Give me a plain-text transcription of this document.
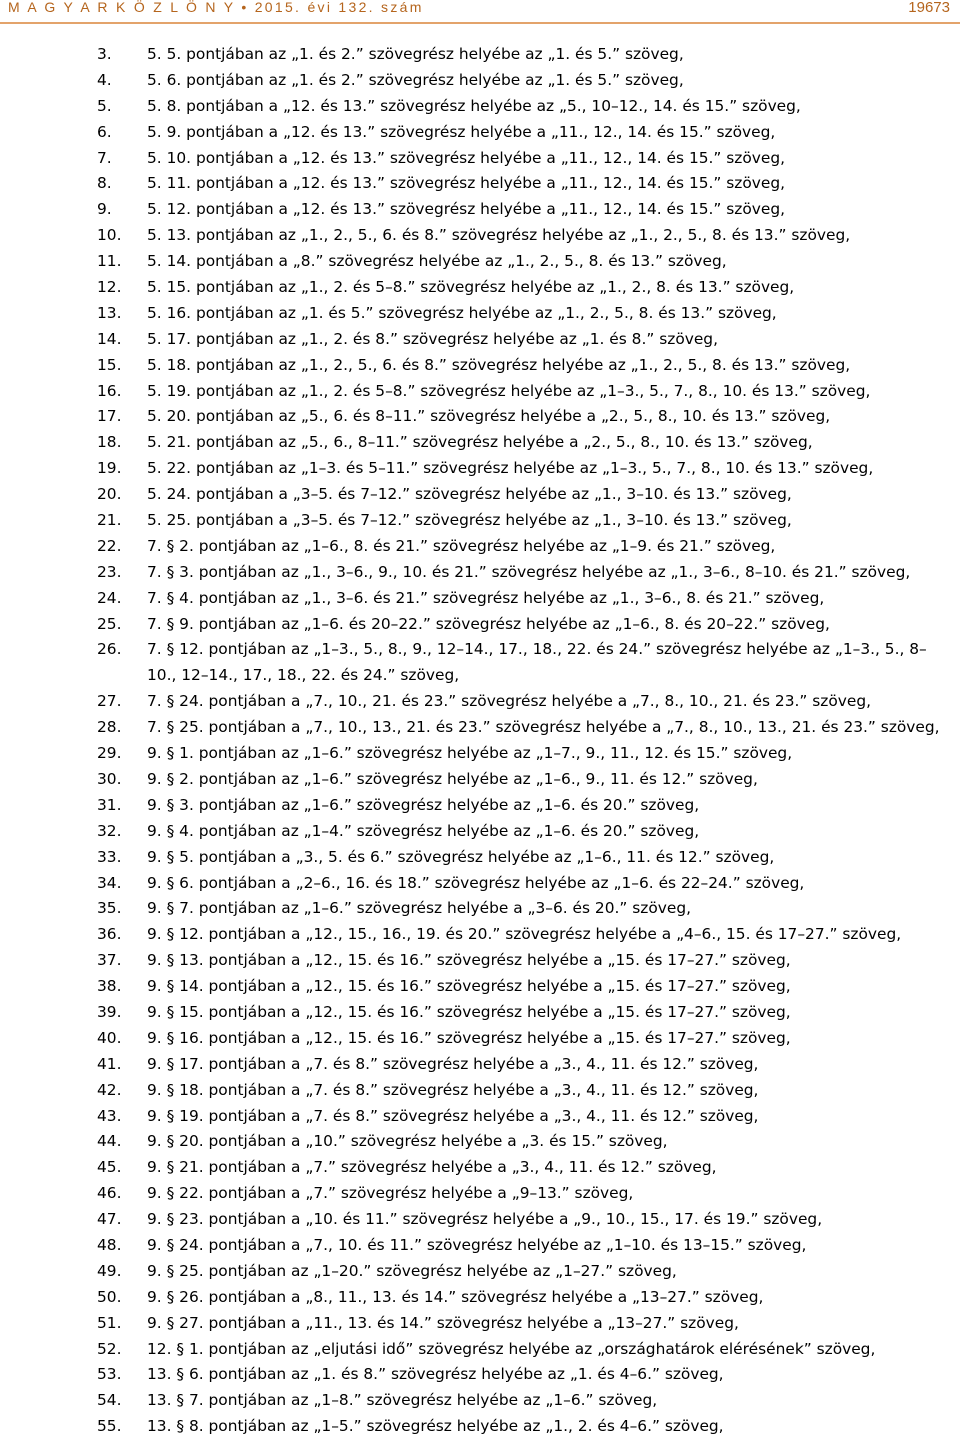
M A G Y A R K Ö Z L Ö N Y • 2015. évi 132. szám	19673
3.	5. 5. pontjában az „1. és 2.” szövegrész helyébe az „1. és 5.” szöveg,
4.	5. 6. pontjában az „1. és 2.” szövegrész helyébe az „1. és 5.” szöveg,
5.	5. 8. pontjában a „12. és 13.” szövegrész helyébe az „5., 10–12., 14. és 15.” szöveg,
6.	5. 9. pontjában a „12. és 13.” szövegrész helyébe a „11., 12., 14. és 15.” szöveg,
7.	5. 10. pontjában a „12. és 13.” szövegrész helyébe a „11., 12., 14. és 15.” szöveg,
8.	5. 11. pontjában a „12. és 13.” szövegrész helyébe a „11., 12., 14. és 15.” szöveg,
9.	5. 12. pontjában a „12. és 13.” szövegrész helyébe a „11., 12., 14. és 15.” szöveg,
10.	5. 13. pontjában az „1., 2., 5., 6. és 8.” szövegrész helyébe az „1., 2., 5., 8. és 13.” szöveg,
11.	5. 14. pontjában a „8.” szövegrész helyébe az „1., 2., 5., 8. és 13.” szöveg,
12.	5. 15. pontjában az „1., 2. és 5–8.” szövegrész helyébe az „1., 2., 8. és 13.” szöveg,
13.	5. 16. pontjában az „1. és 5.” szövegrész helyébe az „1., 2., 5., 8. és 13.” szöveg,
14.	5. 17. pontjában az „1., 2. és 8.” szövegrész helyébe az „1. és 8.” szöveg,
15.	5. 18. pontjában az „1., 2., 5., 6. és 8.” szövegrész helyébe az „1., 2., 5., 8. és 13.” szöveg,
16.	5. 19. pontjában az „1., 2. és 5–8.” szövegrész helyébe az „1–3., 5., 7., 8., 10. és 13.” szöveg,
17.	5. 20. pontjában az „5., 6. és 8–11.” szövegrész helyébe a „2., 5., 8., 10. és 13.” szöveg,
18.	5. 21. pontjában az „5., 6., 8–11.” szövegrész helyébe a „2., 5., 8., 10. és 13.” szöveg,
19.	5. 22. pontjában az „1–3. és 5–11.” szövegrész helyébe az „1–3., 5., 7., 8., 10. és 13.” szöveg,
20.	5. 24. pontjában a „3–5. és 7–12.” szövegrész helyébe az „1., 3–10. és 13.” szöveg,
21.	5. 25. pontjában a „3–5. és 7–12.” szövegrész helyébe az „1., 3–10. és 13.” szöveg,
22.	7. § 2. pontjában az „1–6., 8. és 21.” szövegrész helyébe az „1–9. és 21.” szöveg,
23.	7. § 3. pontjában az „1., 3–6., 9., 10. és 21.” szövegrész helyébe az „1., 3–6., 8–10. és 21.” szöveg,
24.	7. § 4. pontjában az „1., 3–6. és 21.” szövegrész helyébe az „1., 3–6., 8. és 21.” szöveg,
25.	7. § 9. pontjában az „1–6. és 20–22.” szövegrész helyébe az „1–6., 8. és 20–22.” szöveg,
26.	7. § 12. pontjában az „1–3., 5., 8., 9., 12–14., 17., 18., 22. és 24.” szövegrész helyébe az „1–3., 5., 8–10., 12–14., 17., 18., 22. és 24.” szöveg,
27.	7. § 24. pontjában a „7., 10., 21. és 23.” szövegrész helyébe a „7., 8., 10., 21. és 23.” szöveg,
28.	7. § 25. pontjában a „7., 10., 13., 21. és 23.” szövegrész helyébe a „7., 8., 10., 13., 21. és 23.” szöveg,
29.	9. § 1. pontjában az „1–6.” szövegrész helyébe az „1–7., 9., 11., 12. és 15.” szöveg,
30.	9. § 2. pontjában az „1–6.” szövegrész helyébe az „1–6., 9., 11. és 12.” szöveg,
31.	9. § 3. pontjában az „1–6.” szövegrész helyébe az „1–6. és 20.” szöveg,
32.	9. § 4. pontjában az „1–4.” szövegrész helyébe az „1–6. és 20.” szöveg,
33.	9. § 5. pontjában a „3., 5. és 6.” szövegrész helyébe az „1–6., 11. és 12.” szöveg,
34.	9. § 6. pontjában a „2–6., 16. és 18.” szövegrész helyébe az „1–6. és 22–24.” szöveg,
35.	9. § 7. pontjában az „1–6.” szövegrész helyébe a „3–6. és 20.” szöveg,
36.	9. § 12. pontjában a „12., 15., 16., 19. és 20.” szövegrész helyébe a „4–6., 15. és 17–27.” szöveg,
37.	9. § 13. pontjában a „12., 15. és 16.” szövegrész helyébe a „15. és 17–27.” szöveg,
38.	9. § 14. pontjában a „12., 15. és 16.” szövegrész helyébe a „15. és 17–27.” szöveg,
39.	9. § 15. pontjában a „12., 15. és 16.” szövegrész helyébe a „15. és 17–27.” szöveg,
40.	9. § 16. pontjában a „12., 15. és 16.” szövegrész helyébe a „15. és 17–27.” szöveg,
41.	9. § 17. pontjában a „7. és 8.” szövegrész helyébe a „3., 4., 11. és 12.” szöveg,
42.	9. § 18. pontjában a „7. és 8.” szövegrész helyébe a „3., 4., 11. és 12.” szöveg,
43.	9. § 19. pontjában a „7. és 8.” szövegrész helyébe a „3., 4., 11. és 12.” szöveg,
44.	9. § 20. pontjában a „10.” szövegrész helyébe a „3. és 15.” szöveg,
45.	9. § 21. pontjában a „7.” szövegrész helyébe a „3., 4., 11. és 12.” szöveg,
46.	9. § 22. pontjában a „7.” szövegrész helyébe a „9–13.” szöveg,
47.	9. § 23. pontjában a „10. és 11.” szövegrész helyébe a „9., 10., 15., 17. és 19.” szöveg,
48.	9. § 24. pontjában a „7., 10. és 11.” szövegrész helyébe az „1–10. és 13–15.” szöveg,
49.	9. § 25. pontjában az „1–20.” szövegrész helyébe az „1–27.” szöveg,
50.	9. § 26. pontjában a „8., 11., 13. és 14.” szövegrész helyébe a „13–27.” szöveg,
51.	9. § 27. pontjában a „11., 13. és 14.” szövegrész helyébe a „13–27.” szöveg,
52.	12. § 1. pontjában az „eljutási idő” szövegrész helyébe az „országhatárok elérésének” szöveg,
53.	13. § 6. pontjában az „1. és 8.” szövegrész helyébe az „1. és 4–6.” szöveg,
54.	13. § 7. pontjában az „1–8.” szövegrész helyébe az „1–6.” szöveg,
55.	13. § 8. pontjában az „1–5.” szövegrész helyébe az „1., 2. és 4–6.” szöveg,
